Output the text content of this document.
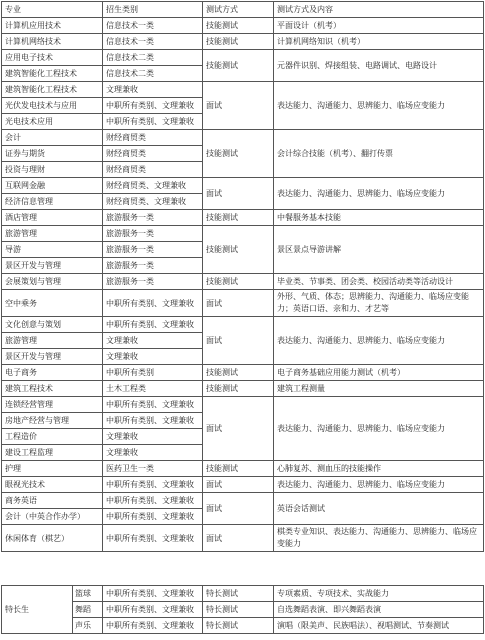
专业	招生类别	测试方式	测试方式及内容
计算机应用技术	信息技术一类	技能测试	平面设计（机考）
计算机网络技术	信息技术一类	技能测试	计算机网络知识（机考）
应用电子技术	信息技术二类	技能测试	元器件识别、焊接组装、电路调试、电路设计
建筑智能化工程技术	信息技术二类		
建筑智能化工程技术	文理兼收	面试	表达能力、沟通能力、思辨能力、临场应变能力
光伏发电技术与应用	中职所有类别、文理兼收		
光电技术应用	中职所有类别、文理兼收		
会计	财经商贸类	技能测试	会计综合技能（机考）、翻打传票
证券与期货	财经商贸类		
投资与理财	财经商贸类		
互联网金融	财经商贸类、文理兼收	面试	表达能力、沟通能力、思辨能力、临场应变能力
经济信息管理	财经商贸类、文理兼收		
酒店管理	旅游服务一类	技能测试	中餐服务基本技能
旅游管理	旅游服务一类	技能测试	景区景点导游讲解
导游	旅游服务一类		
景区开发与管理	旅游服务一类		
会展策划与管理	旅游服务一类	技能测试	毕业类、节事类、团会类、校园活动类等活动设计
空中乘务	中职所有类别、文理兼收	面试	外形、气质、体态；思辨能力、沟通能力、临场应变能力；英语口语、亲和力、才艺等
文化创意与策划	中职所有类别、文理兼收	面试	表达能力、沟通能力、思辨能力、临场应变能力
旅游管理	文理兼收		
景区开发与管理	文理兼收		
电子商务	中职所有类别	技能测试	电子商务基础应用能力测试（机考）
建筑工程技术	土木工程类	技能测试	建筑工程测量
连锁经营管理	中职所有类别、文理兼收	面试	表达能力、沟通能力、思辨能力、临场应变能力
房地产经营与管理	中职所有类别、文理兼收		
工程造价	文理兼收		
建设工程监理	文理兼收		
护理	医药卫生一类	技能测试	心肺复苏、测血压的技能操作
眼视光技术	中职所有类别、文理兼收	面试	表达能力、沟通能力、思辨能力、临场应变能力
商务英语	中职所有类别、文理兼收	面试	英语会话测试
会计（中英合作办学）	中职所有类别、文理兼收		
休闲体育（棋艺）	中职所有类别、文理兼收	面试	棋类专业知识、表达能力、沟通能力、思辨能力、临场应变能力
特长生	篮球	中职所有类别、文理兼收	特长测试	专项素质、专项技术、实战能力
	舞蹈	中职所有类别、文理兼收	特长测试	自选舞蹈表演、即兴舞蹈表演
	声乐	中职所有类别、文理兼收	特长测试	演唱（限美声、民族唱法）、视唱测试、节奏测试
